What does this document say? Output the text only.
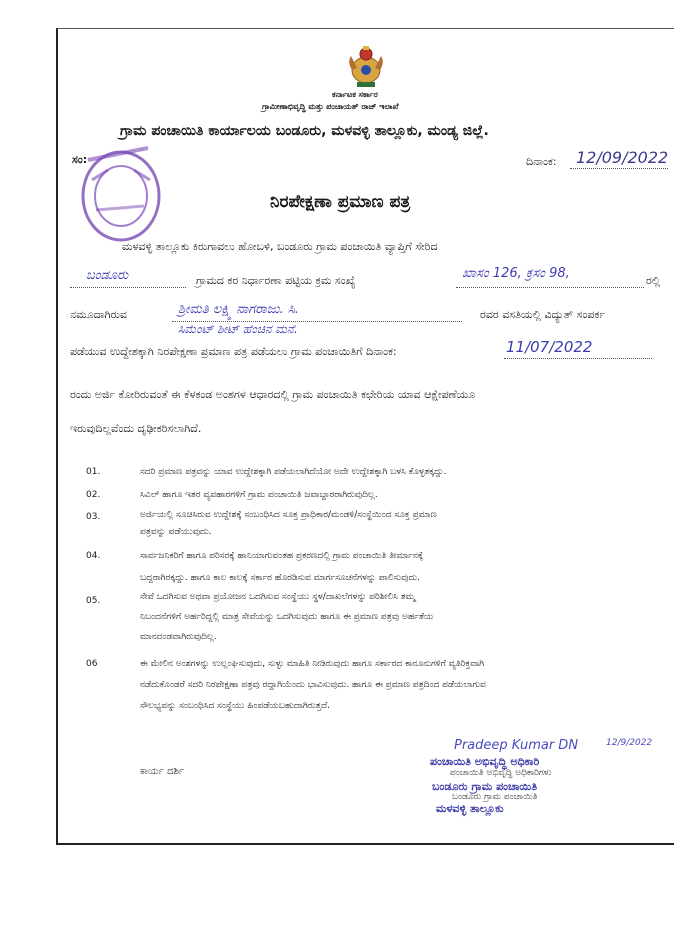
ಕರ್ನಾಟಕ ಸರ್ಕಾರ
ಗ್ರಾಮೀಣಾಭಿವೃದ್ಧಿ ಮತ್ತು ಪಂಚಾಯತ್ ರಾಜ್ ಇಲಾಖೆ
ಗ್ರಾಮ ಪಂಚಾಯಿತಿ ಕಾರ್ಯಾಲಯ ಬಂಡೂರು, ಮಳವಳ್ಳಿ ತಾಲ್ಲೂಕು, ಮಂಡ್ಯ ಜಿಲ್ಲೆ.
ಸಂ:	ದಿನಾಂಕ: 12/09/2022
ನಿರಪೇಕ್ಷಣಾ ಪ್ರಮಾಣ ಪತ್ರ
ಮಳವಳ್ಳಿ ತಾಲ್ಲೂಕು ಕಿರುಗಾವಲು ಹೋಬಳಿ, ಬಂಡೂರು ಗ್ರಾಮ ಪಂಚಾಯಿತಿ ವ್ಯಾಪ್ತಿಗೆ ಸೇರಿದ
ಬಂಡೂರು	ಗ್ರಾಮದ ಕರ ನಿರ್ಧಾರಣಾ ಪಟ್ಟಿಯ ಕ್ರಮ ಸಂಖ್ಯೆ	ಖಾಸಂ 126, ಕ್ರಸಂ 98,	ರಲ್ಲಿ
ನಮೂದಾಗಿರುವ	ಶ್ರೀಮತಿ ಲಕ್ಷ್ಮಿ ನಾಗರಾಜು. ಸಿ.	ರವರ ವಸತಿಯಲ್ಲಿ ವಿದ್ಯುತ್ ಸಂಪರ್ಕ
ಸಿಮೆಂಟ್ ಶೀಟ್ ಹೆಂಚಿನ ಮನೆ.
ಪಡೆಯುವ ಉದ್ದೇಶಕ್ಕಾಗಿ ನಿರಪೇಕ್ಷಣಾ ಪ್ರಮಾಣ ಪತ್ರ ಪಡೆಯಲು ಗ್ರಾಮ ಪಂಚಾಯಿತಿಗೆ ದಿನಾಂಕ:	11/07/2022
ರಂದು ಅರ್ಜಿ ಕೋರಿರುವಂತೆ ಈ ಕೆಳಕಂಡ ಅಂಶಗಳ ಆಧಾರದಲ್ಲಿ ಗ್ರಾಮ ಪಂಚಾಯಿತಿ ಕಛೇರಿಯ ಯಾವ ಆಕ್ಷೇಪಣೆಯೂ
ಇರುವುದಿಲ್ಲವೆಂದು ದೃಢೀಕರಿಸಲಾಗಿದೆ.
01.	ಸದರಿ ಪ್ರಮಾಣ ಪತ್ರವನ್ನು ಯಾವ ಉದ್ದೇಶಕ್ಕಾಗಿ ಪಡೆಯಲಾಗಿದೆಯೋ ಅದೇ ಉದ್ದೇಶಕ್ಕಾಗಿ ಬಳಸಿ ಕೊಳ್ಳತಕ್ಕದ್ದು.
02.	ಸಿವಿಲ್ ಹಾಗೂ ಇತರ ವ್ಯವಹಾರಗಳಿಗೆ ಗ್ರಾಮ ಪಂಚಾಯಿತಿ ಜವಾಬ್ದಾರರಾಗಿರುವುದಿಲ್ಲ.
03.	ಅರ್ಜಿಯಲ್ಲಿ ಸೂಚಿಸಿರುವ ಉದ್ದೇಶಕ್ಕೆ ಸಂಬಂಧಿಸಿದ ಸೂಕ್ತ ಪ್ರಾಧಿಕಾರ/ಮಂಡಳಿ/ಸಂಸ್ಥೆಯಿಂದ ಸೂಕ್ತ ಪ್ರಮಾಣ
ಪತ್ರವನ್ನು ಪಡೆಯುವುದು.
04.	ಸಾರ್ವಜನಿಕರಿಗೆ ಹಾಗೂ ಪರಿಸರಕ್ಕೆ ಹಾನಿಯಾಗುವಂತಹ ಪ್ರಕರಣದಲ್ಲಿ ಗ್ರಾಮ ಪಂಚಾಯಿತಿ ತೀರ್ಮಾನಕ್ಕೆ
ಬದ್ದರಾಗಿರಕ್ಕದ್ದು. ಹಾಗೂ ಕಾಲ ಕಾಲಕ್ಕೆ ಸರ್ಕಾರ ಹೊರಡಿಸುವ ಮಾರ್ಗಸೂಚನೆಗಳನ್ನು ಪಾಲಿಸುವುದು.
05.	ಸೇವೆ ಒದಗಿಸುವ ಅಥವಾ ಪ್ರಯೋಜನ ಒದಗಿಸುವ ಸಂಸ್ಥೆಯು ಸ್ಥಳ/ದಾಖಲೆಗಳನ್ನು ಪರಿಶೀಲಿಸಿ ತಮ್ಮ
ನಿಬಂದನೆಗಳಿಗೆ ಅರ್ಹರಿದ್ದಲ್ಲಿ ಮಾತ್ರ ಸೇವೆಯನ್ನು ಒದಗಿಸುವುದು ಹಾಗೂ ಈ ಪ್ರಮಾಣ ಪತ್ರವು ಅರ್ಹತೆಯ
ಮಾನದಂಡವಾಗಿರುವುದಿಲ್ಲ.
06	ಈ ಮೇಲಿನ ಅಂಶಗಳನ್ನು ಉಲ್ಲಂಘಿಸುವುದು, ಸುಳ್ಳು ಮಾಹಿತಿ ನೀಡಿರುವುದು ಹಾಗೂ ಸರ್ಕಾರದ ಕಾನೂನುಗಳಿಗೆ ವ್ಯತಿರಿಕ್ತವಾಗಿ
ನಡೆದುಕೊಂಡರೆ ಸದರಿ ನಿರಪೇಕ್ಷಣಾ ಪತ್ರವು ರದ್ದಾಗಿಯೆಂದು ಭಾವಿಸುವುದು. ಹಾಗೂ ಈ ಪ್ರಮಾಣ ಪತ್ರದಿಂದ ಪಡೆಯಲಾಗುವ
ಸೌಲಭ್ಯವನ್ನು ಸಂಬಂಧಿಸಿದ ಸಂಸ್ಥೆಯು ಹಿಂಪಡೆಯಬಹುದಾಗಿರುತ್ತದೆ.
ಕಾರ್ಯ ದರ್ಶಿ
Pradeep Kumar DN	12/9/2022
ಪಂಚಾಯಿತಿ ಅಭಿವೃದ್ಧಿ ಅಧಿಕಾರಿ
ಪಂಚಾಯಿತಿ ಅಭಿವೃದ್ಧಿ ಅಧಿಕಾರಿಗಳು
ಬಂಡೂರು ಗ್ರಾಮ ಪಂಚಾಯಿತಿ
ಬಂಡೂರು ಗ್ರಾಮ ಪಂಚಾಯಿತಿ
ಮಳವಳ್ಳಿ ತಾಲ್ಲೂಕು
